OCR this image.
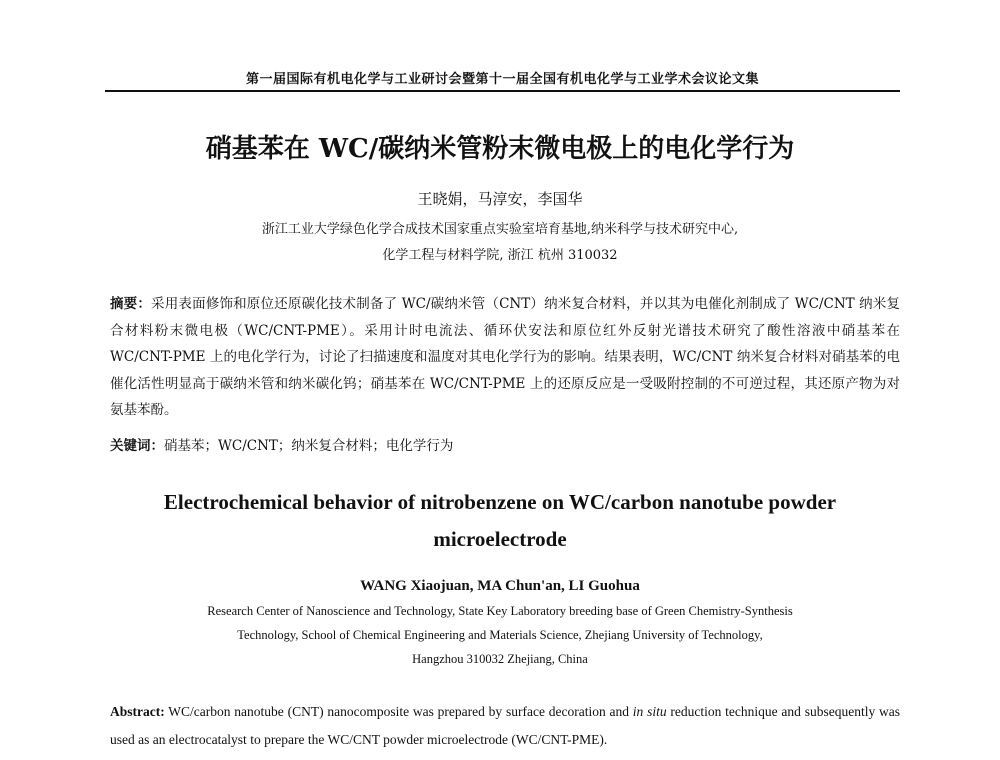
第一届国际有机电化学与工业研讨会暨第十一届全国有机电化学与工业学术会议论文集
硝基苯在 WC/碳纳米管粉末微电极上的电化学行为
王晓娟，马淳安，李国华
浙江工业大学绿色化学合成技术国家重点实验室培育基地,纳米科学与技术研究中心,
化学工程与材料学院, 浙江 杭州 310032
摘要：采用表面修饰和原位还原碳化技术制备了 WC/碳纳米管（CNT）纳米复合材料，并以其为电催化剂制成了 WC/CNT 纳米复合材料粉末微电极（WC/CNT-PME）。采用计时电流法、循环伏安法和原位红外反射光谱技术研究了酸性溶液中硝基苯在 WC/CNT-PME 上的电化学行为，讨论了扫描速度和温度对其电化学行为的影响。结果表明，WC/CNT 纳米复合材料对硝基苯的电催化活性明显高于碳纳米管和纳米碳化钨；硝基苯在 WC/CNT-PME 上的还原反应是一受吸附控制的不可逆过程，其还原产物为对氨基苯酚。
关键词：硝基苯；WC/CNT；纳米复合材料；电化学行为
Electrochemical behavior of nitrobenzene on WC/carbon nanotube powder
microelectrode
WANG Xiaojuan, MA Chun'an, LI Guohua
Research Center of Nanoscience and Technology, State Key Laboratory breeding base of Green Chemistry-Synthesis
Technology, School of Chemical Engineering and Materials Science, Zhejiang University of Technology,
Hangzhou 310032 Zhejiang, China
Abstract: WC/carbon nanotube (CNT) nanocomposite was prepared by surface decoration and in situ reduction technique and subsequently was used as an electrocatalyst to prepare the WC/CNT powder microelectrode (WC/CNT-PME).
